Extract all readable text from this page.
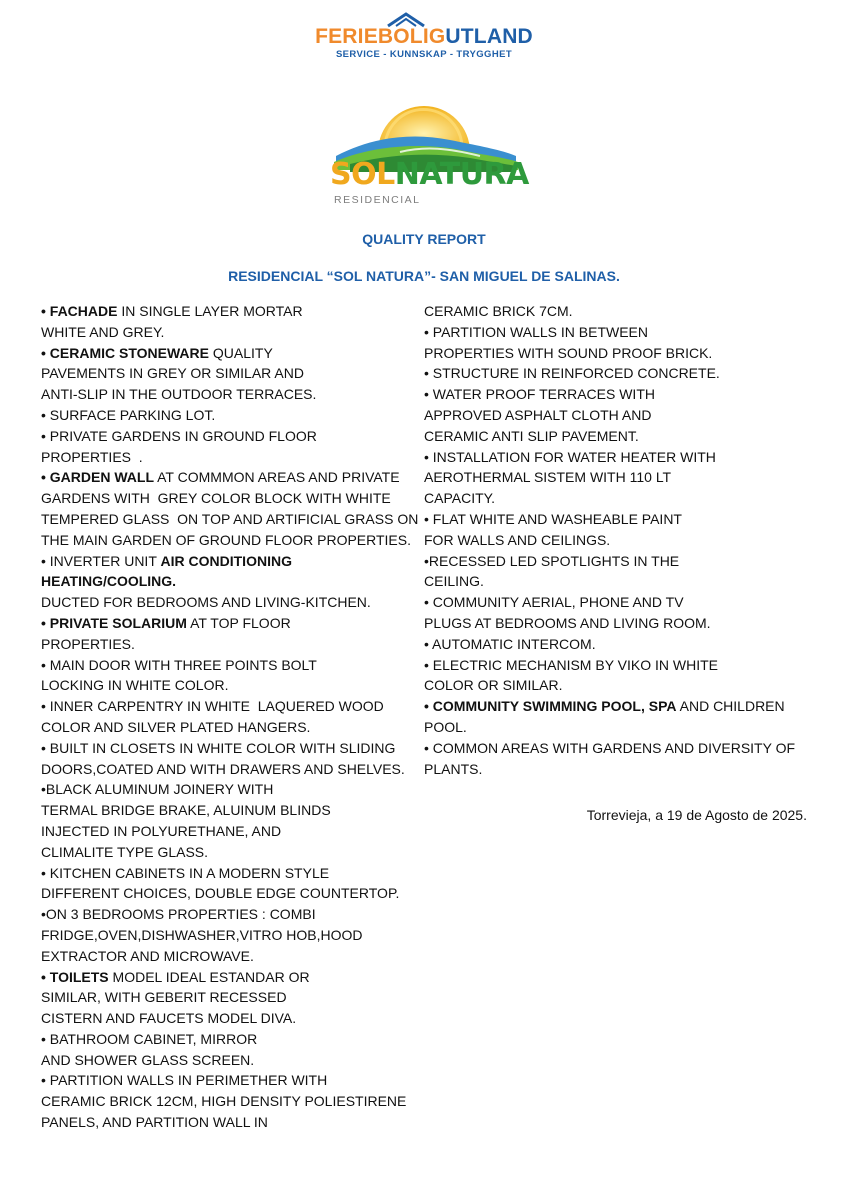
FERIEBOLIGUTLAND
SERVICE - KUNNSKAP - TRYGGHET
SOLNATURA
RESIDENCIAL
QUALITY REPORT
RESIDENCIAL “SOL NATURA”- SAN MIGUEL DE SALINAS.

• FACHADE IN SINGLE LAYER MORTAR
WHITE AND GREY.

• CERAMIC STONEWARE QUALITY
PAVEMENTS IN GREY OR SIMILAR AND
ANTI-SLIP IN THE OUTDOOR TERRACES.

• SURFACE PARKING LOT.

• PRIVATE GARDENS IN GROUND FLOOR
PROPERTIES  .

• GARDEN WALL AT COMMMON AREAS AND PRIVATE
GARDENS WITH  GREY COLOR BLOCK WITH WHITE
TEMPERED GLASS  ON TOP AND ARTIFICIAL GRASS ON
THE MAIN GARDEN OF GROUND FLOOR PROPERTIES.

• INVERTER UNIT AIR CONDITIONING
HEATING/COOLING.
DUCTED FOR BEDROOMS AND LIVING-KITCHEN.

• PRIVATE SOLARIUM AT TOP FLOOR
PROPERTIES.

• MAIN DOOR WITH THREE POINTS BOLT
LOCKING IN WHITE COLOR.

• INNER CARPENTRY IN WHITE  LAQUERED WOOD
COLOR AND SILVER PLATED HANGERS.

• BUILT IN CLOSETS IN WHITE COLOR WITH SLIDING
DOORS,COATED AND WITH DRAWERS AND SHELVES.

•BLACK ALUMINUM JOINERY WITH
TERMAL BRIDGE BRAKE, ALUINUM BLINDS
INJECTED IN POLYURETHANE, AND
CLIMALITE TYPE GLASS.

• KITCHEN CABINETS IN A MODERN STYLE
DIFFERENT CHOICES, DOUBLE EDGE COUNTERTOP.

•ON 3 BEDROOMS PROPERTIES : COMBI
FRIDGE,OVEN,DISHWASHER,VITRO HOB,HOOD
EXTRACTOR AND MICROWAVE.

• TOILETS MODEL IDEAL ESTANDAR OR
SIMILAR, WITH GEBERIT RECESSED
CISTERN AND FAUCETS MODEL DIVA.

• BATHROOM CABINET, MIRROR
AND SHOWER GLASS SCREEN.

• PARTITION WALLS IN PERIMETHER WITH
CERAMIC BRICK 12CM, HIGH DENSITY POLIESTIRENE
PANELS, AND PARTITION WALL IN

CERAMIC BRICK 7CM.

• PARTITION WALLS IN BETWEEN
PROPERTIES WITH SOUND PROOF BRICK.

• STRUCTURE IN REINFORCED CONCRETE.

• WATER PROOF TERRACES WITH
APPROVED ASPHALT CLOTH AND
CERAMIC ANTI SLIP PAVEMENT.

• INSTALLATION FOR WATER HEATER WITH
AEROTHERMAL SISTEM WITH 110 LT
CAPACITY.

• FLAT WHITE AND WASHEABLE PAINT
FOR WALLS AND CEILINGS.

•RECESSED LED SPOTLIGHTS IN THE
CEILING.

• COMMUNITY AERIAL, PHONE AND TV
PLUGS AT BEDROOMS AND LIVING ROOM.

• AUTOMATIC INTERCOM.

• ELECTRIC MECHANISM BY VIKO IN WHITE
COLOR OR SIMILAR.

• COMMUNITY SWIMMING POOL, SPA AND CHILDREN
POOL.

• COMMON AREAS WITH GARDENS AND DIVERSITY OF
PLANTS.

Torrevieja, a 19 de Agosto de 2025.
